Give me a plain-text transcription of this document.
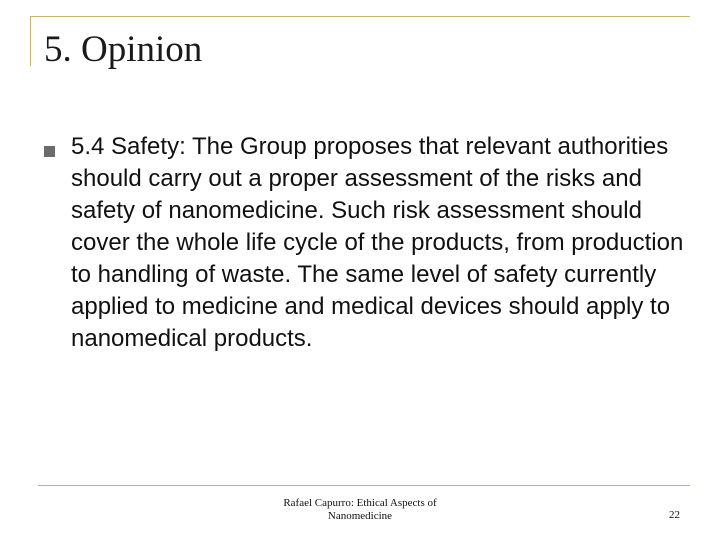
5. Opinion

5.4 Safety: The Group proposes that relevant authorities should carry out a proper assessment of the risks and safety of nanomedicine. Such risk assessment should cover the whole life cycle of the products, from production to handling of waste. The same level of safety currently applied to medicine and medical devices should apply to nanomedical products.

Rafael Capurro: Ethical Aspects of
Nanomedicine	22
